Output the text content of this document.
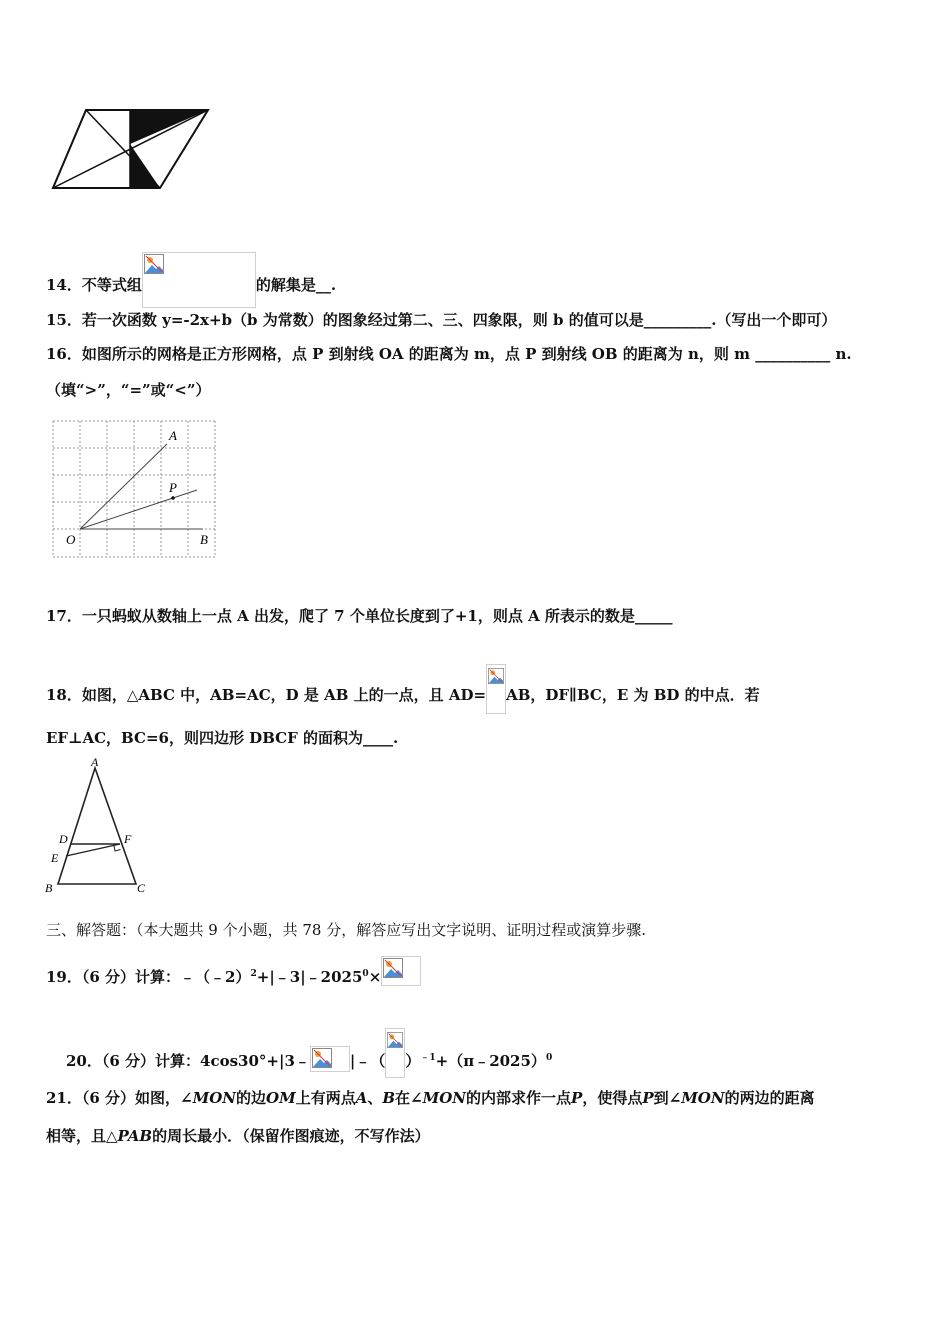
14．不等式组	的解集是__.
15．若一次函数 y=-2x+b（b 为常数）的图象经过第二、三、四象限，则 b 的值可以是_________.（写出一个即可）
16．如图所示的网格是正方形网格，点 P 到射线 OA 的距离为 m，点 P 到射线 OB 的距离为 n，则 m __________ n.
（填“>”，“=”或“<”）
A
P
O	B
17．一只蚂蚁从数轴上一点 A 出发，爬了 7 个单位长度到了+1，则点 A 所表示的数是_____
18．如图，△ABC 中，AB=AC，D 是 AB 上的一点，且 AD= AB，DF∥BC，E 为 BD 的中点．若
EF⊥AC，BC=6，则四边形 DBCF 的面积为____.
A
D	F
E
B	C
三、解答题：（本大题共 9 个小题，共 78 分，解答应写出文字说明、证明过程或演算步骤.
19．（6 分）计算：$﹣(﹣2)^2+|﹣3|﹣2025^0\times$
20．（6 分）计算：4cos30°+|3﹣	|﹣（ ）$^{﹣1}$+（π﹣2025）$^0$
21．（6 分）如图，∠MON的边OM上有两点A、B在∠MON的内部求作一点P，使得点P到∠MON的两边的距离
相等，且△PAB的周长最小．（保留作图痕迹，不写作法）
